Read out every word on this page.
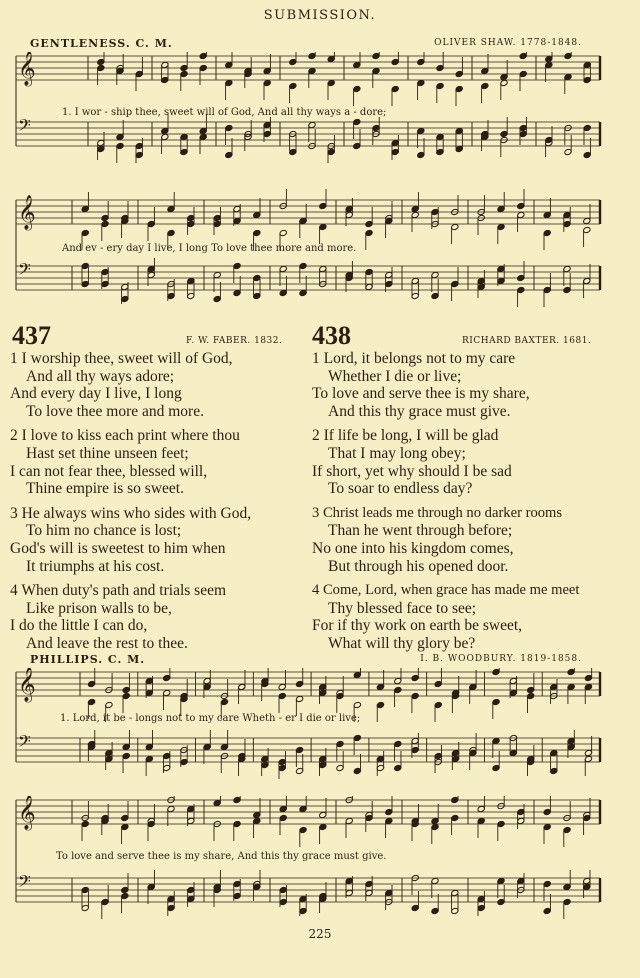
SUBMISSION.
GENTLENESS. C. M.	OLIVER SHAW. 1778-1848.
𝄞
𝄢
1. I wor - ship thee, sweet will of God, And all thy ways a - dore;
𝄞
𝄢
And ev - ery day I live, I long To love thee more and more.
437	F. W. FABER. 1832.
1 I worship thee, sweet will of God,
And all thy ways adore;
And every day I live, I long
To love thee more and more.
2 I love to kiss each print where thou
Hast set thine unseen feet;
I can not fear thee, blessed will,
Thine empire is so sweet.
3 He always wins who sides with God,
To him no chance is lost;
God's will is sweetest to him when
It triumphs at his cost.
4 When duty's path and trials seem
Like prison walls to be,
I do the little I can do,
And leave the rest to thee.
438	RICHARD BAXTER. 1681.
1 Lord, it belongs not to my care
Whether I die or live;
To love and serve thee is my share,
And this thy grace must give.
2 If life be long, I will be glad
That I may long obey;
If short, yet why should I be sad
To soar to endless day?
3 Christ leads me through no darker rooms
Than he went through before;
No one into his kingdom comes,
But through his opened door.
4 Come, Lord, when grace has made me meet
Thy blessed face to see;
For if thy work on earth be sweet,
What will thy glory be?
PHILLIPS. C. M.	I. B. WOODBURY. 1819-1858.
𝄞
𝄢
1. Lord, it be - longs not to my care Wheth - er I die or live;
𝄞
𝄢
To love and serve thee is my share, And this thy grace must give.
225
